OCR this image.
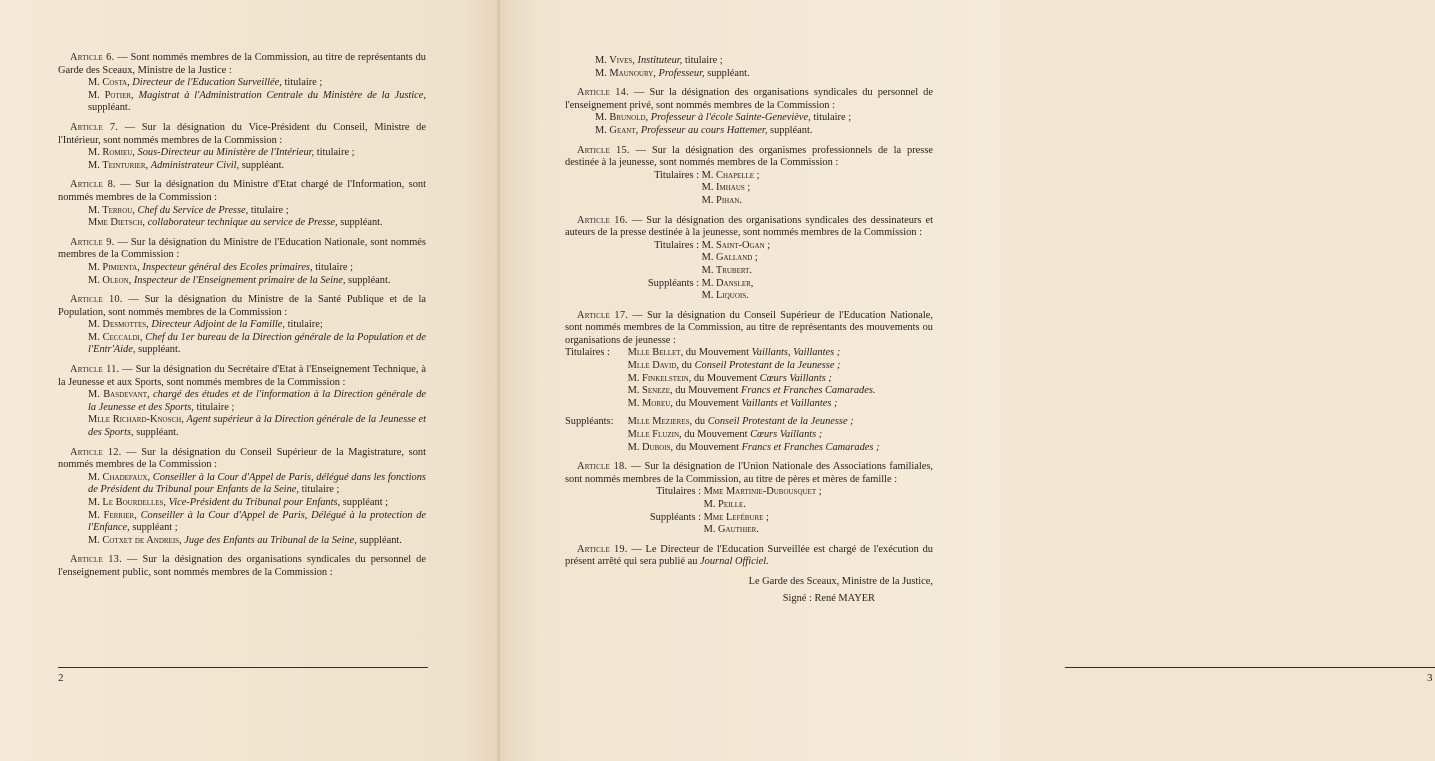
Article 6. — Sont nommés membres de la Commission, au titre de représentants du Garde des Sceaux, Ministre de la Justice :

M. Costa, Directeur de l'Education Surveillée, titulaire ;
M. Potier, Magistrat à l'Administration Centrale du Ministère de la Justice, suppléant.

Article 7. — Sur la désignation du Vice-Président du Conseil, Ministre de l'Intérieur, sont nommés membres de la Commission :

M. Romieu, Sous-Directeur au Ministère de l'Intérieur, titulaire ;
M. Teinturier, Administrateur Civil, suppléant.

Article 8. — Sur la désignation du Ministre d'Etat chargé de l'Information, sont nommés membres de la Commission :

M. Terrou, Chef du Service de Presse, titulaire ;
Mme Dietsch, collaborateur technique au service de Presse, suppléant.

Article 9. — Sur la désignation du Ministre de l'Education Nationale, sont nommés membres de la Commission :

M. Pimienta, Inspecteur général des Ecoles primaires, titulaire ;
M. Oleon, Inspecteur de l'Enseignement primaire de la Seine, suppléant.

Article 10. — Sur la désignation du Ministre de la Santé Publique et de la Population, sont nommés membres de la Commission :

M. Desmottes, Directeur Adjoint de la Famille, titulaire;
M. Ceccaldi, Chef du 1er bureau de la Direction générale de la Population et de l'Entr'Aide, suppléant.

Article 11. — Sur la désignation du Secrétaire d'Etat à l'Enseignement Technique, à la Jeunesse et aux Sports, sont nommés membres de la Commission :

M. Basdevant, chargé des études et de l'information à la Direction générale de la Jeunesse et des Sports, titulaire ;
Mlle Richard-Knosch, Agent supérieur à la Direction générale de la Jeunesse et des Sports, suppléant.

Article 12. — Sur la désignation du Conseil Supérieur de la Magistrature, sont nommés membres de la Commission :

M. Chadefaux, Conseiller à la Cour d'Appel de Paris, délégué dans les fonctions de Président du Tribunal pour Enfants de la Seine, titulaire ;
M. Le Bourdelles, Vice-Président du Tribunal pour Enfants, suppléant ;
M. Ferrier, Conseiller à la Cour d'Appel de Paris, Délégué à la protection de l'Enfance, suppléant ;
M. Cotxet de Andreis, Juge des Enfants au Tribunal de la Seine, suppléant.

Article 13. — Sur la désignation des organisations syndicales du personnel de l'enseignement public, sont nommés membres de la Commission :

2
M. Vives, Instituteur, titulaire ;
M. Maunoury, Professeur, suppléant.

Article 14. — Sur la désignation des organisations syndicales du personnel de l'enseignement privé, sont nommés membres de la Commission :

M. Brunold, Professeur à l'école Sainte-Geneviève, titulaire ;
M. Geant, Professeur au cours Hattemer, suppléant.

Article 15. — Sur la désignation des organismes professionnels de la presse destinée à la jeunesse, sont nommés membres de la Commission :

Titulaires : M. Chapelle ;
M. Imhaus ;
M. Pihan.

Article 16. — Sur la désignation des organisations syndicales des dessinateurs et auteurs de la presse destinée à la jeunesse, sont nommés membres de la Commission :

Titulaires : M. Saint-Ogan ;
M. Galland ;
M. Trubert.
Suppléants : M. Dansler,
M. Liquois.

Article 17. — Sur la désignation du Conseil Supérieur de l'Education Nationale, sont nommés membres de la Commission, au titre de représentants des mouvements ou organisations de jeunesse :

Titulaires : Mlle Bellet, du Mouvement Vaillants, Vaillantes ;
Mlle David, du Conseil Protestant de la Jeunesse ;
M. Finkelstein, du Mouvement Cœurs Vaillants ;
M. Seneze, du Mouvement Francs et Franches Camarades.
M. Moreu, du Mouvement Vaillants et Vaillantes ;
Suppléants: Mlle Mezieres, du Conseil Protestant de la Jeunesse ;
Mlle Fluzin, du Mouvement Cœurs Vaillants ;
M. Dubois, du Mouvement Francs et Franches Camarades ;

Article 18. — Sur la désignation de l'Union Nationale des Associations familiales, sont nommés membres de la Commission, au titre de pères et mères de famille :

Titulaires : Mme Martinie-Dubousquet ;
M. Peille.
Suppléants : Mme Lefébure ;
M. Gauthier.

Article 19. — Le Directeur de l'Education Surveillée est chargé de l'exécution du présent arrêté qui sera publié au Journal Officiel.

Le Garde des Sceaux, Ministre de la Justice,
Signé : René MAYER
3
